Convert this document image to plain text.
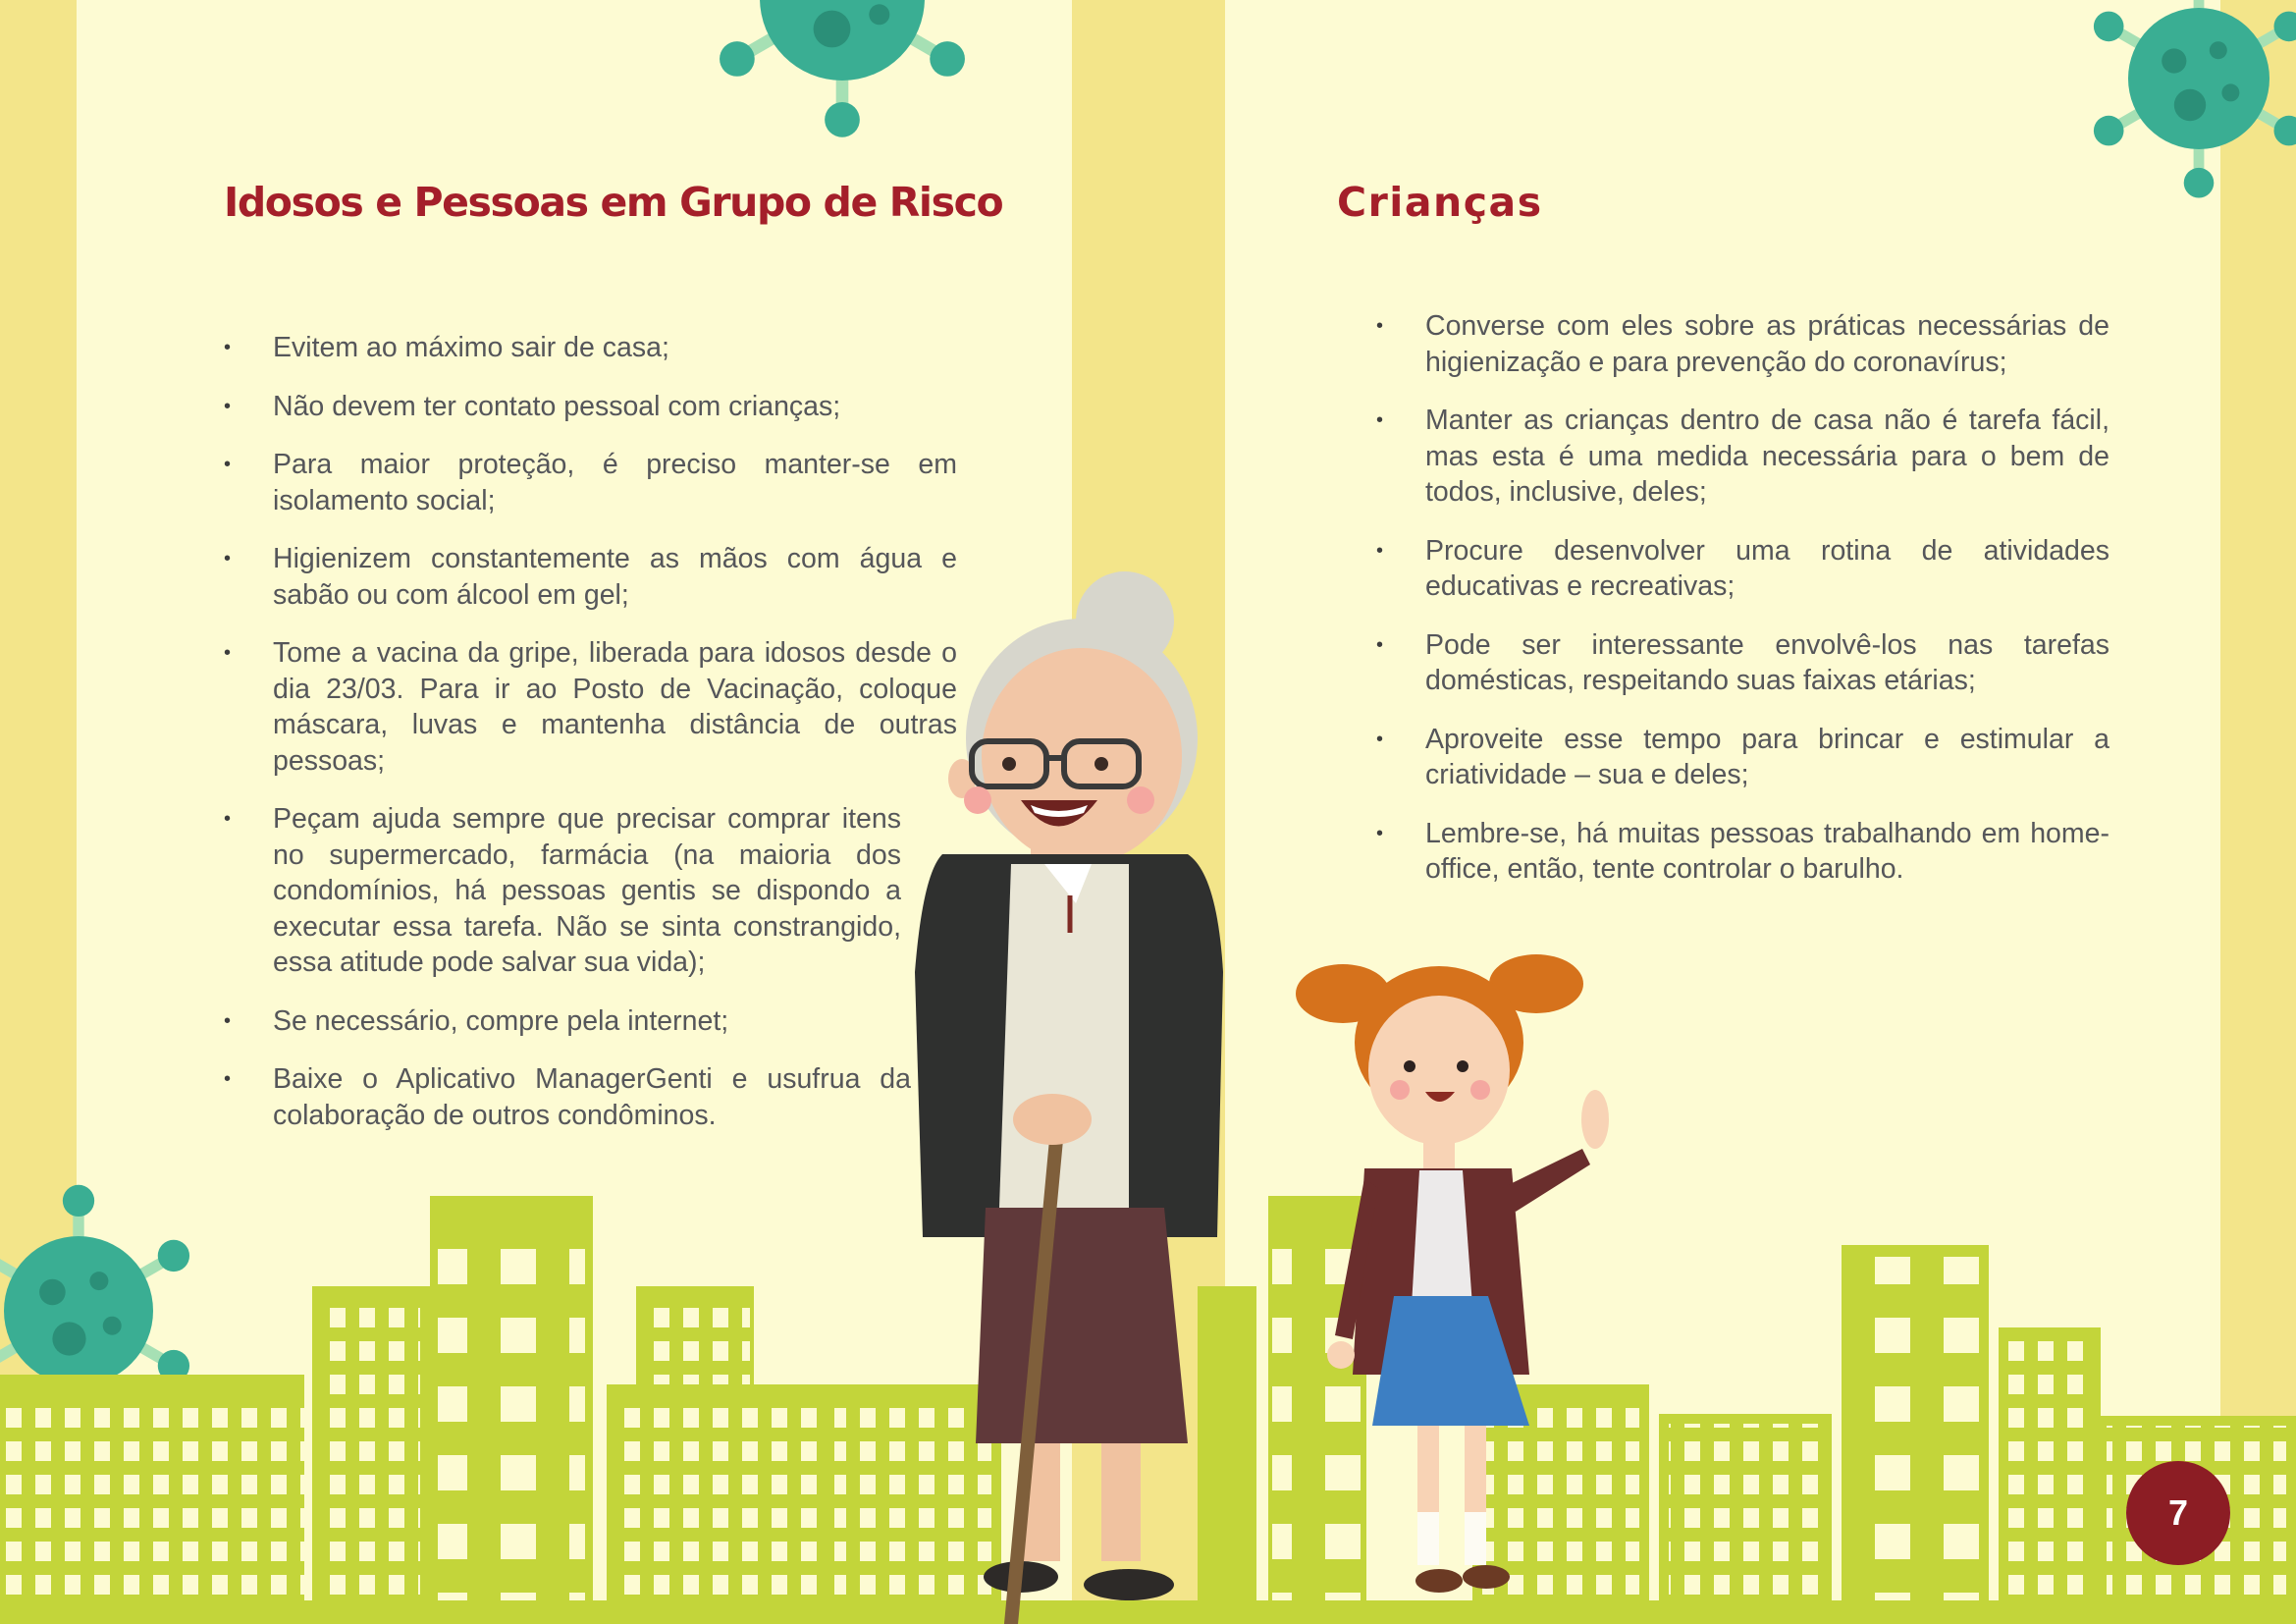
Idosos e Pessoas em Grupo de Risco
• Evitem ao máximo sair de casa;
• Não devem ter contato pessoal com crianças;
• Para maior proteção, é preciso manter-se em isolamento social;
• Higienizem constantemente as mãos com água e sabão ou com álcool em gel;
• Tome a vacina da gripe, liberada para idosos desde o dia 23/03. Para ir ao Posto de Vacinação, coloque máscara, luvas e mantenha distância de outras pessoas;
• Peçam ajuda sempre que precisar comprar itens no supermercado, farmácia (na maioria dos condomínios, há pessoas gentis se dispondo a executar essa tarefa. Não se sinta constrangido, essa atitude pode salvar sua vida);
• Se necessário, compre pela internet;
• Baixe o Aplicativo ManagerGenti e usufrua da colaboração de outros condôminos.
Crianças
• Converse com eles sobre as práticas necessárias de higienização e para prevenção do coronavírus;
• Manter as crianças dentro de casa não é tarefa fácil, mas esta é uma medida necessária para o bem de todos, inclusive, deles;
• Procure desenvolver uma rotina de atividades educativas e recreativas;
• Pode ser interessante envolvê-los nas tarefas domésticas, respeitando suas faixas etárias;
• Aproveite esse tempo para brincar e estimular a criatividade – sua e deles;
• Lembre-se, há muitas pessoas trabalhando em home-office, então, tente controlar o barulho.
7
